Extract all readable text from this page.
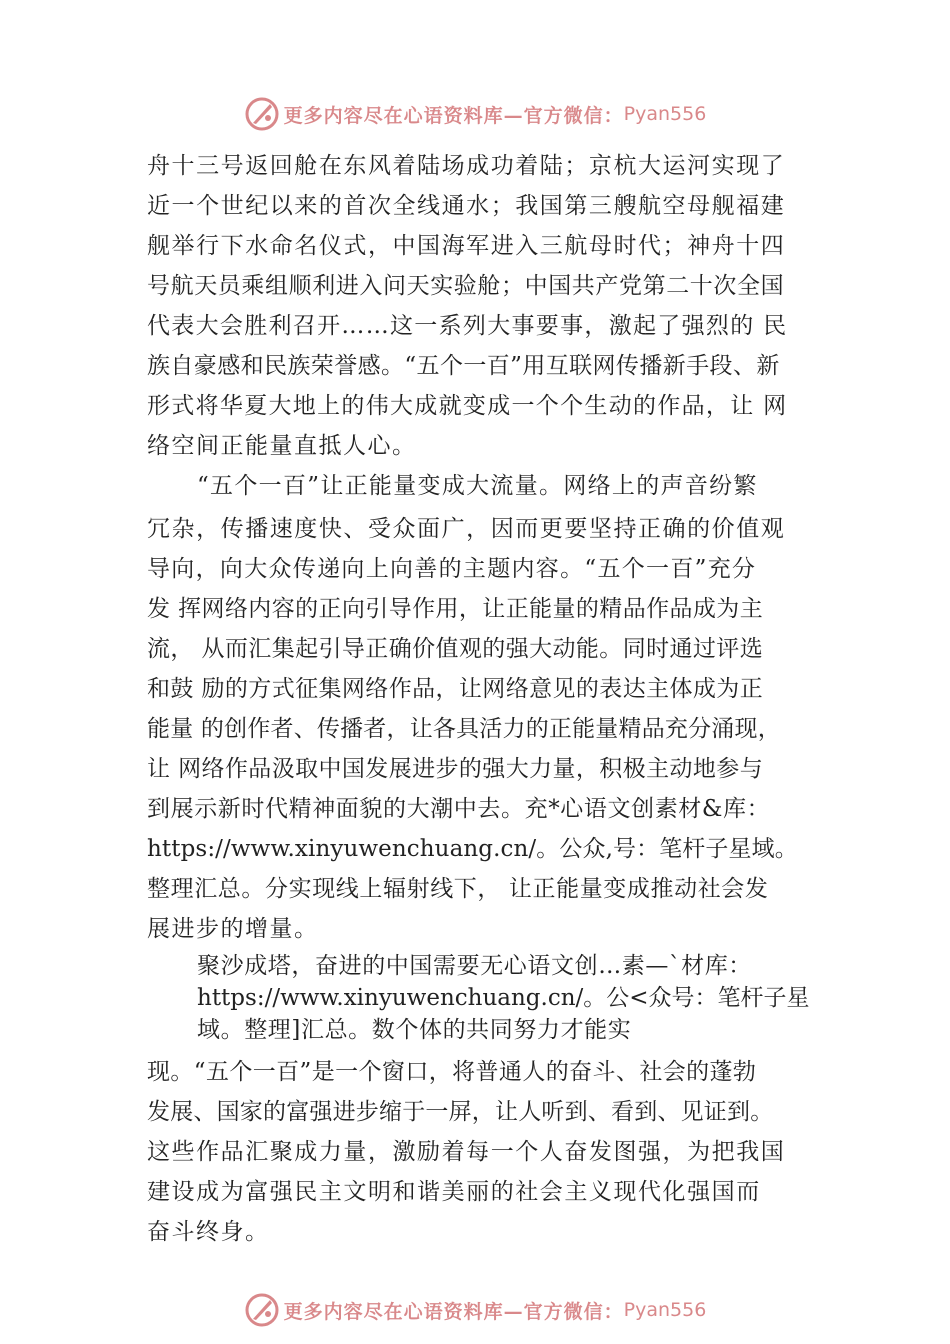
更多内容尽在心语资料库—官方微信： Pyan556
舟十三号返回舱在东风着陆场成功着陆；京杭大运河实现了
近一个世纪以来的首次全线通水；我国第三艘航空母舰福建
舰举行下水命名仪式，中国海军进入三航母时代；神舟十四
号航天员乘组顺利进入问天实验舱；中国共产党第二十次全国
代表大会胜利召开……这一系列大事要事，激起了强烈的 民
族自豪感和民族荣誉感。“五个一百”用互联网传播新手段、新
形式将华夏大地上的伟大成就变成一个个生动的作品，让 网
络空间正能量直抵人心。
“五个一百”让正能量变成大流量。网络上的声音纷繁
冗杂，传播速度快、受众面广，因而更要坚持正确的价值观
导向，向大众传递向上向善的主题内容。“五个一百”充分
发 挥网络内容的正向引导作用，让正能量的精品作品成为主
流， 从而汇集起引导正确价值观的强大动能。同时通过评选
和鼓 励的方式征集网络作品，让网络意见的表达主体成为正
能量 的创作者、传播者，让各具活力的正能量精品充分涌现，
让 网络作品汲取中国发展进步的强大力量，积极主动地参与
到展示新时代精神面貌的大潮中去。充*心语文创素材&库：
https://www.xinyuwenchuang.cn/。公众,号：笔杆子星域。
整理汇总。分实现线上辐射线下， 让正能量变成推动社会发
展进步的增量。
聚沙成塔，奋进的中国需要无心语文创…素—`材库：
https://www.xinyuwenchuang.cn/。公<众号：笔杆子星
域。整理]汇总。数个体的共同努力才能实
现。“五个一百”是一个窗口，将普通人的奋斗、社会的蓬勃
发展、国家的富强进步缩于一屏，让人听到、看到、见证到。
这些作品汇聚成力量，激励着每一个人奋发图强，为把我国
建设成为富强民主文明和谐美丽的社会主义现代化强国而
奋斗终身。
更多内容尽在心语资料库—官方微信： Pyan556
